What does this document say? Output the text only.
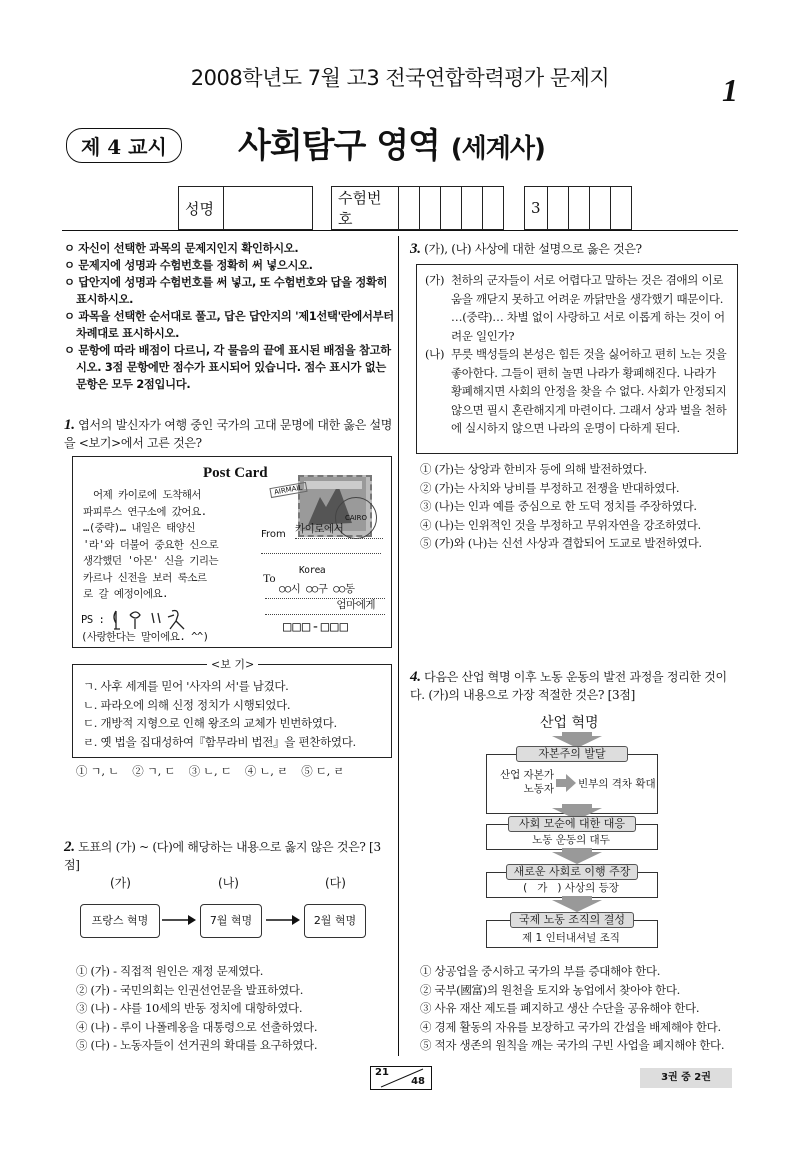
2008학년도 7월 고3 전국연합학력평가 문제지	1
제 4 교시	사회탐구 영역 (세계사)
성명			수험번호							3				
ㅇ 자신이 선택한 과목의 문제지인지 확인하시오.
ㅇ 문제지에 성명과 수험번호를 정확히 써 넣으시오.
ㅇ 답안지에 성명과 수험번호를 써 넣고, 또 수험번호와 답을 정확히 표시하시오.
ㅇ 과목을 선택한 순서대로 풀고, 답은 답안지의 '제1선택'란에서부터 차례대로 표시하시오.
ㅇ 문항에 따라 배점이 다르니, 각 물음의 끝에 표시된 배점을 참고하시오. 3점 문항에만 점수가 표시되어 있습니다. 점수 표시가 없는 문항은 모두 2점입니다.
1. 엽서의 발신자가 여행 중인 국가의 고대 문명에 대한 옳은 설명을 <보기>에서 고른 것은?
Post Card
어제 카이로에 도착해서
파피루스 연구소에 갔어요.
…(중략)… 내일은 태양신
'라'와 더불어 중요한 신으로
생각했던 '아몬' 신을 기리는
카르나 신전을 보러 룩소르
로 갈 예정이에요.
PS :
(사랑한다는 말이에요. ^^)
AIRMAIL
CAIRO
From 카이로에서
To
Korea
○○시 ○○구 ○○동
엄마에게
□□□-□□□
<보 기>
ㄱ. 사후 세계를 믿어 '사자의 서'를 남겼다.
ㄴ. 파라오에 의해 신정 정치가 시행되었다.
ㄷ. 개방적 지형으로 인해 왕조의 교체가 빈번하였다.
ㄹ. 옛 법을 집대성하여『함무라비 법전』을 편찬하였다.
① ㄱ, ㄴ    ② ㄱ, ㄷ    ③ ㄴ, ㄷ    ④ ㄴ, ㄹ    ⑤ ㄷ, ㄹ
2. 도표의 (가) ~ (다)에 해당하는 내용으로 옳지 않은 것은? [3점]
(가)	(나)	(다)
프랑스 혁명	7월 혁명	2월 혁명
① (가) - 직접적 원인은 재정 문제였다.
② (가) - 국민의회는 인권선언문을 발표하였다.
③ (나) - 샤를 10세의 반동 정치에 대항하였다.
④ (나) - 루이 나폴레옹을 대통령으로 선출하였다.
⑤ (다) - 노동자들이 선거권의 확대를 요구하였다.
3. (가), (나) 사상에 대한 설명으로 옳은 것은?
(가) 천하의 군자들이 서로 어렵다고 말하는 것은 겸애의 이로움을 깨닫지 못하고 어려운 까닭만을 생각했기 때문이다. …(중략)… 차별 없이 사랑하고 서로 이롭게 하는 것이 어려운 일인가?
(나) 무릇 백성들의 본성은 힘든 것을 싫어하고 편히 노는 것을 좋아한다. 그들이 편히 놀면 나라가 황폐해진다. 나라가 황폐해지면 사회의 안정을 찾을 수 없다. 사회가 안정되지 않으면 필시 혼란해지게 마련이다. 그래서 상과 벌을 천하에 실시하지 않으면 나라의 운명이 다하게 된다.
① (가)는 상앙과 한비자 등에 의해 발전하였다.
② (가)는 사치와 낭비를 부정하고 전쟁을 반대하였다.
③ (나)는 인과 예를 중심으로 한 도덕 정치를 주장하였다.
④ (나)는 인위적인 것을 부정하고 무위자연을 강조하였다.
⑤ (가)와 (나)는 신선 사상과 결합되어 도교로 발전하였다.
4. 다음은 산업 혁명 이후 노동 운동의 발전 과정을 정리한 것이다. (가)의 내용으로 가장 적절한 것은? [3점]
산업 혁명
자본주의 발달
산업 자본가 노동자 빈부의 격차 확대
사회 모순에 대한 대응
노동 운동의 대두
새로운 사회로 이행 주장
(   가   ) 사상의 등장
국제 노동 조직의 결성
제 1 인터내셔널 조직
① 상공업을 중시하고 국가의 부를 증대해야 한다.
② 국부(國富)의 원천을 토지와 농업에서 찾아야 한다.
③ 사유 재산 제도를 폐지하고 생산 수단을 공유해야 한다.
④ 경제 활동의 자유를 보장하고 국가의 간섭을 배제해야 한다.
⑤ 적자 생존의 원칙을 깨는 국가의 구빈 사업을 폐지해야 한다.
21
48	3권 중 2권
